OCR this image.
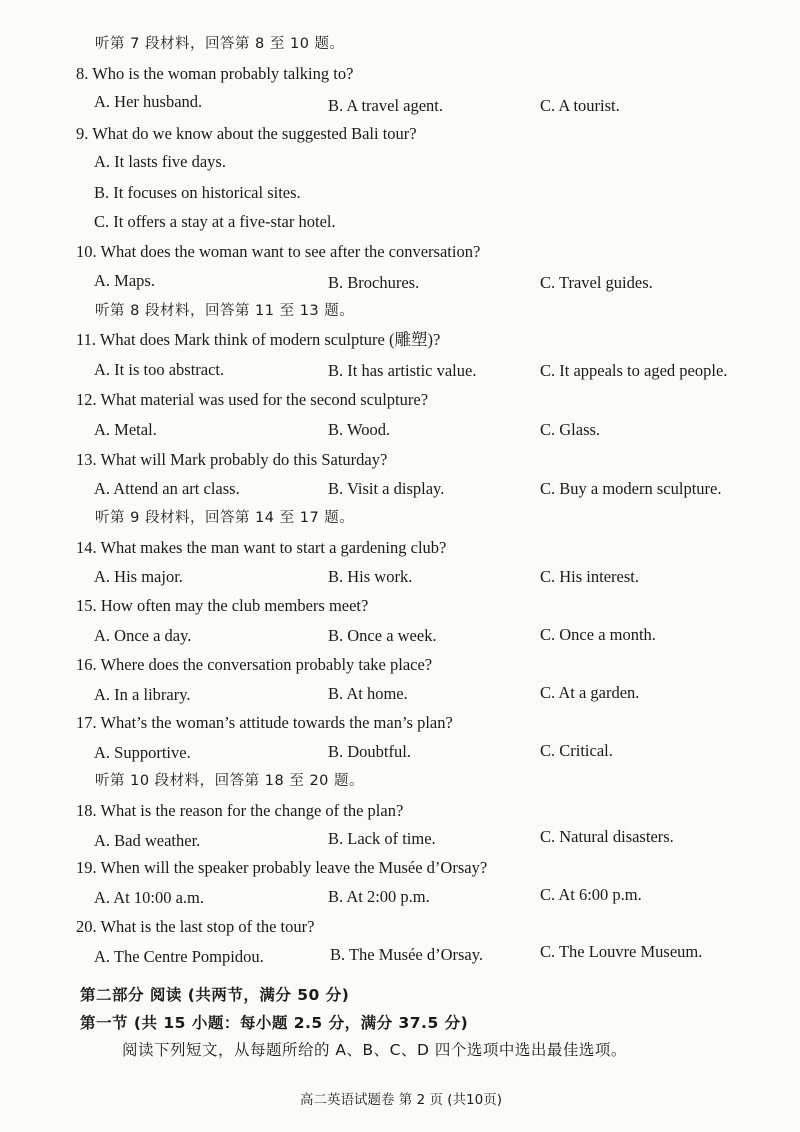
听第 7 段材料，回答第 8 至 10 题。
8. Who is the woman probably talking to?
A. Her husband.	B. A travel agent.	C. A tourist.
9. What do we know about the suggested Bali tour?
A. It lasts five days.
B. It focuses on historical sites.
C. It offers a stay at a five-star hotel.
10. What does the woman want to see after the conversation?
A. Maps.	B. Brochures.	C. Travel guides.
听第 8 段材料，回答第 11 至 13 题。
11. What does Mark think of modern sculpture (雕塑)?
A. It is too abstract.	B. It has artistic value.	C. It appeals to aged people.
12. What material was used for the second sculpture?
A. Metal.	B. Wood.	C. Glass.
13. What will Mark probably do this Saturday?
A. Attend an art class.	B. Visit a display.	C. Buy a modern sculpture.
听第 9 段材料，回答第 14 至 17 题。
14. What makes the man want to start a gardening club?
A. His major.	B. His work.	C. His interest.
15. How often may the club members meet?
A. Once a day.	B. Once a week.	C. Once a month.
16. Where does the conversation probably take place?
A. In a library.	B. At home.	C. At a garden.
17. What’s the woman’s attitude towards the man’s plan?
A. Supportive.	B. Doubtful.	C. Critical.
听第 10 段材料，回答第 18 至 20 题。
18. What is the reason for the change of the plan?
A. Bad weather.	B. Lack of time.	C. Natural disasters.
19. When will the speaker probably leave the Musée d’Orsay?
A. At 10:00 a.m.	B. At 2:00 p.m.	C. At 6:00 p.m.
20. What is the last stop of the tour?
A. The Centre Pompidou.	B. The Musée d’Orsay.	C. The Louvre Museum.
第二部分 阅读 (共两节，满分 50 分)
第一节 (共 15 小题：每小题 2.5 分，满分 37.5 分)
阅读下列短文，从每题所给的 A、B、C、D 四个选项中选出最佳选项。
高二英语试题卷 第 2 页 (共10页)
